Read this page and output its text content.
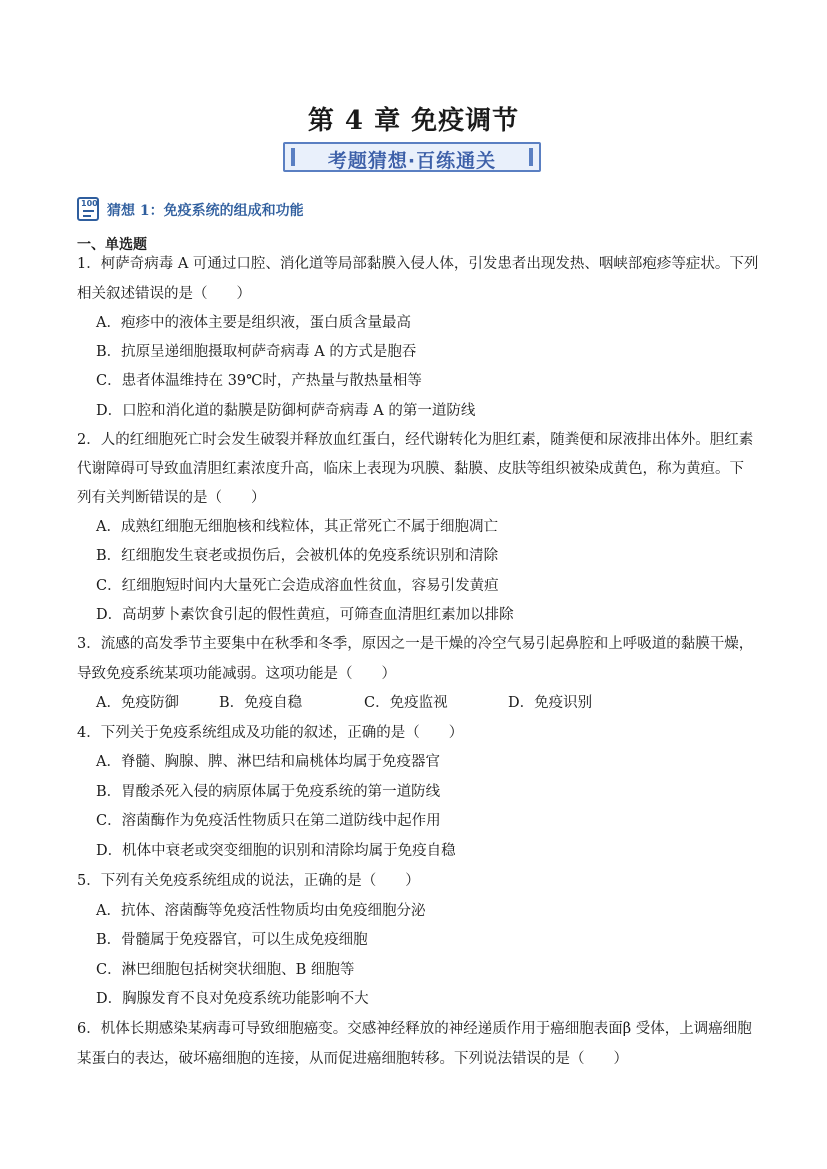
第 4 章 免疫调节
考题猜想·百练通关
100 猜想 1：免疫系统的组成和功能
一、单选题
1．柯萨奇病毒 A 可通过口腔、消化道等局部黏膜入侵人体，引发患者出现发热、咽峡部疱疹等症状。下列
相关叙述错误的是（　　）
A．疱疹中的液体主要是组织液，蛋白质含量最高
B．抗原呈递细胞摄取柯萨奇病毒 A 的方式是胞吞
C．患者体温维持在 39℃时，产热量与散热量相等
D．口腔和消化道的黏膜是防御柯萨奇病毒 A 的第一道防线
2．人的红细胞死亡时会发生破裂并释放血红蛋白，经代谢转化为胆红素，随粪便和尿液排出体外。胆红素
代谢障碍可导致血清胆红素浓度升高，临床上表现为巩膜、黏膜、皮肤等组织被染成黄色，称为黄疸。下
列有关判断错误的是（　　）
A．成熟红细胞无细胞核和线粒体，其正常死亡不属于细胞凋亡
B．红细胞发生衰老或损伤后，会被机体的免疫系统识别和清除
C．红细胞短时间内大量死亡会造成溶血性贫血，容易引发黄疸
D．高胡萝卜素饮食引起的假性黄疸，可筛查血清胆红素加以排除
3．流感的高发季节主要集中在秋季和冬季，原因之一是干燥的冷空气易引起鼻腔和上呼吸道的黏膜干燥，
导致免疫系统某项功能减弱。这项功能是（　　）
A．免疫防御	B．免疫自稳	C．免疫监视	D．免疫识别
4．下列关于免疫系统组成及功能的叙述，正确的是（　　）
A．脊髓、胸腺、脾、淋巴结和扁桃体均属于免疫器官
B．胃酸杀死入侵的病原体属于免疫系统的第一道防线
C．溶菌酶作为免疫活性物质只在第二道防线中起作用
D．机体中衰老或突变细胞的识别和清除均属于免疫自稳
5．下列有关免疫系统组成的说法，正确的是（　　）
A．抗体、溶菌酶等免疫活性物质均由免疫细胞分泌
B．骨髓属于免疫器官，可以生成免疫细胞
C．淋巴细胞包括树突状细胞、B 细胞等
D．胸腺发育不良对免疫系统功能影响不大
6．机体长期感染某病毒可导致细胞癌变。交感神经释放的神经递质作用于癌细胞表面β 受体，上调癌细胞
某蛋白的表达，破坏癌细胞的连接，从而促进癌细胞转移。下列说法错误的是（　　）
